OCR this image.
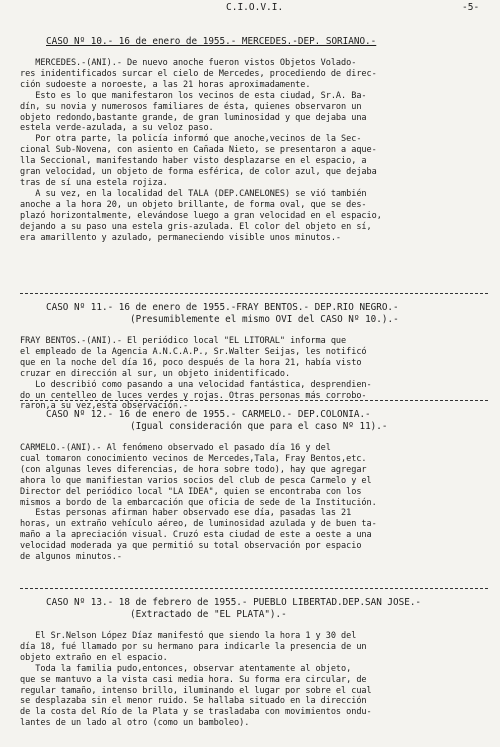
C.I.O.V.I.	-5-
CASO Nº 10.- 16 de enero de 1955.- MERCEDES.-DEP. SORIANO.-

MERCEDES.-(ANI).- De nuevo anoche fueron vistos Objetos Volado-

res inidentificados surcar el cielo de Mercedes, procediendo de direc-

ción sudoeste a noroeste, a las 21 horas aproximadamente.

Esto es lo que manifestaron los vecinos de esta ciudad, Sr.A. Ba-

dín, su novia y numerosos familiares de ésta, quienes observaron un

objeto redondo,bastante grande, de gran luminosidad y que dejaba una

estela verde-azulada, a su veloz paso.

Por otra parte, la policía informó que anoche,vecinos de la Sec-

cional Sub-Novena, con asiento en Cañada Nieto, se presentaron a aque-

lla Seccional, manifestando haber visto desplazarse en el espacio, a

gran velocidad, un objeto de forma esférica, de color azul, que dejaba

tras de sí una estela rojiza.

A su vez, en la localidad del TALA (DEP.CANELONES) se vió también

anoche a la hora 20, un objeto brillante, de forma oval, que se des-

plazó horizontalmente, elevándose luego a gran velocidad en el espacio,

dejando a su paso una estela gris-azulada. El color del objeto en sí,

era amarillento y azulado, permaneciendo visible unos minutos.-

CASO Nº 11.- 16 de enero de 1955.-FRAY BENTOS.- DEP.RIO NEGRO.-
(Presumiblemente el mismo OVI del CASO Nº 10.).-

FRAY BENTOS.-(ANI).- El periódico local "EL LITORAL" informa que

el empleado de la Agencia A.N.C.A.P., Sr.Walter Seijas, les notificó

que en la noche del día 16, poco después de la hora 21, había visto

cruzar en dirección al sur, un objeto inidentificado.

Lo describió como pasando a una velocidad fantástica, desprendien-

do un centelleo de luces verdes y rojas. Otras personas más corrobo-

raron,a su vez,esta observación.-

CASO Nº 12.- 16 de enero de 1955.- CARMELO.- DEP.COLONIA.-
(Igual consideración que para el caso Nº 11).-

CARMELO.-(ANI).- Al fenómeno observado el pasado día 16 y del

cual tomaron conocimiento vecinos de Mercedes,Tala, Fray Bentos,etc.

(con algunas leves diferencias, de hora sobre todo), hay que agregar

ahora lo que manifiestan varios socios del club de pesca Carmelo y el

Director del periódico local "LA IDEA", quien se encontraba con los

mismos a bordo de la embarcación que oficia de sede de la Institución.

Estas personas afirman haber observado ese día, pasadas las 21

horas, un extraño vehículo aéreo, de luminosidad azulada y de buen ta-

maño a la apreciación visual. Cruzó esta ciudad de este a oeste a una

velocidad moderada ya que permitió su total observación por espacio

de algunos minutos.-

CASO Nº 13.- 18 de febrero de 1955.- PUEBLO LIBERTAD.DEP.SAN JOSE.-
(Extractado de "EL PLATA").-

El Sr.Nelson López Díaz manifestó que siendo la hora 1 y 30 del

día 18, fué llamado por su hermano para indicarle la presencia de un

objeto extraño en el espacio.

Toda la familia pudo,entonces, observar atentamente al objeto,

que se mantuvo a la vista casi media hora. Su forma era circular, de

regular tamaño, intenso brillo, iluminando el lugar por sobre el cual

se desplazaba sin el menor ruido. Se hallaba situado en la dirección

de la costa del Río de la Plata y se trasladaba con movimientos ondu-

lantes de un lado al otro (como un bamboleo).
